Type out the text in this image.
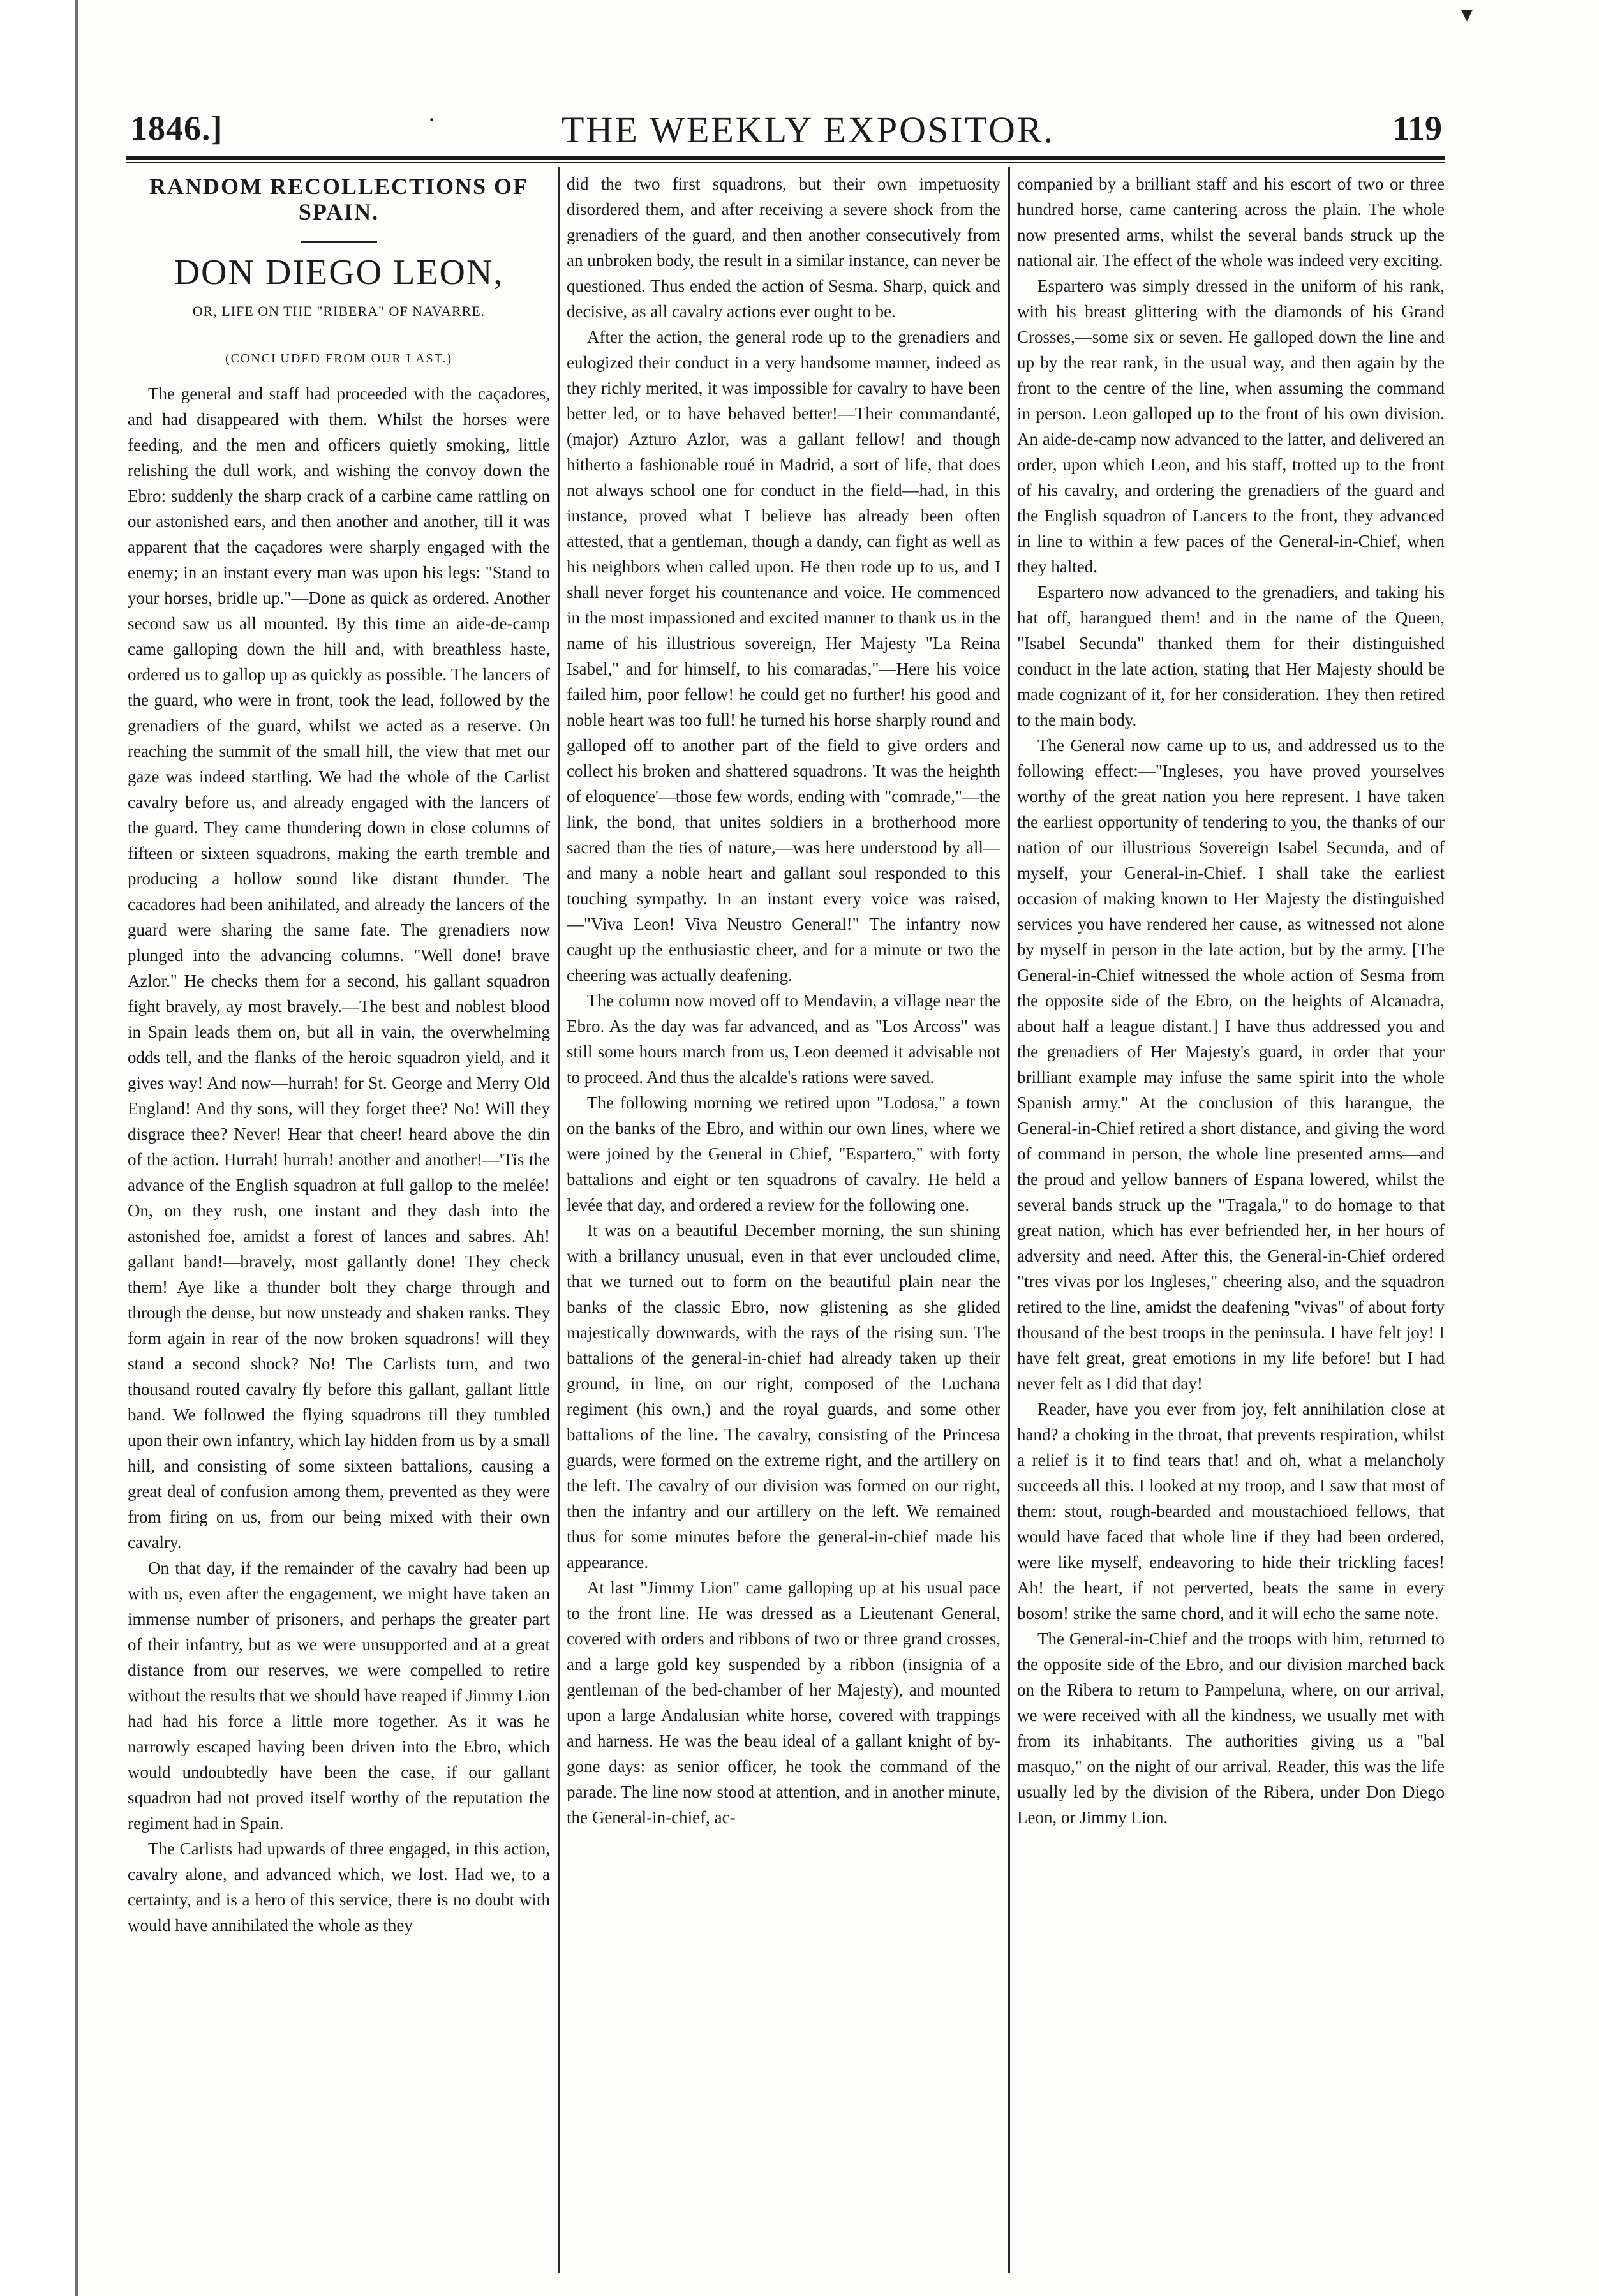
▾
1846.]	·	THE WEEKLY EXPOSITOR.	119
RANDOM RECOLLECTIONS OF SPAIN.
DON DIEGO LEON,
OR, LIFE ON THE "RIBERA" OF NAVARRE.
(CONCLUDED FROM OUR LAST.)

The general and staff had proceeded with the caçadores, and had disappeared with them. Whilst the horses were feeding, and the men and officers quietly smoking, little relishing the dull work, and wishing the convoy down the Ebro: suddenly the sharp crack of a carbine came rattling on our astonished ears, and then another and another, till it was apparent that the caçadores were sharply engaged with the enemy; in an instant every man was upon his legs: "Stand to your horses, bridle up."—Done as quick as ordered. Another second saw us all mounted. By this time an aide-de-camp came galloping down the hill and, with breathless haste, ordered us to gallop up as quickly as possible. The lancers of the guard, who were in front, took the lead, followed by the grenadiers of the guard, whilst we acted as a reserve. On reaching the summit of the small hill, the view that met our gaze was indeed startling. We had the whole of the Carlist cavalry before us, and already engaged with the lancers of the guard. They came thundering down in close columns of fifteen or sixteen squadrons, making the earth tremble and producing a hollow sound like distant thunder. The cacadores had been anihilated, and already the lancers of the guard were sharing the same fate. The grenadiers now plunged into the advancing columns. "Well done! brave Azlor." He checks them for a second, his gallant squadron fight bravely, ay most bravely.—The best and noblest blood in Spain leads them on, but all in vain, the overwhelming odds tell, and the flanks of the heroic squadron yield, and it gives way! And now—hurrah! for St. George and Merry Old England! And thy sons, will they forget thee? No! Will they disgrace thee? Never! Hear that cheer! heard above the din of the action. Hurrah! hurrah! another and another!—'Tis the advance of the English squadron at full gallop to the melée! On, on they rush, one instant and they dash into the astonished foe, amidst a forest of lances and sabres. Ah! gallant band!—bravely, most gallantly done! They check them! Aye like a thunder bolt they charge through and through the dense, but now unsteady and shaken ranks. They form again in rear of the now broken squadrons! will they stand a second shock? No! The Carlists turn, and two thousand routed cavalry fly before this gallant, gallant little band. We followed the flying squadrons till they tumbled upon their own infantry, which lay hidden from us by a small hill, and consisting of some sixteen battalions, causing a great deal of confusion among them, prevented as they were from firing on us, from our being mixed with their own cavalry.

On that day, if the remainder of the cavalry had been up with us, even after the engagement, we might have taken an immense number of prisoners, and perhaps the greater part of their infantry, but as we were unsupported and at a great distance from our reserves, we were compelled to retire without the results that we should have reaped if Jimmy Lion had had his force a little more together. As it was he narrowly escaped having been driven into the Ebro, which would undoubtedly have been the case, if our gallant squadron had not proved itself worthy of the reputation the regiment had in Spain.

The Carlists had upwards of three engaged, in this action, cavalry alone, and advanced which, we lost. Had we, to a certainty, and is a hero of this service, there is no doubt with would have annihilated the whole as they

did the two first squadrons, but their own impetuosity disordered them, and after receiving a severe shock from the grenadiers of the guard, and then another consecutively from an unbroken body, the result in a similar instance, can never be questioned. Thus ended the action of Sesma. Sharp, quick and decisive, as all cavalry actions ever ought to be.

After the action, the general rode up to the grenadiers and eulogized their conduct in a very handsome manner, indeed as they richly merited, it was impossible for cavalry to have been better led, or to have behaved better!—Their commandanté,(major) Azturo Azlor, was a gallant fellow! and though hitherto a fashionable roué in Madrid, a sort of life, that does not always school one for conduct in the field—had, in this instance, proved what I believe has already been often attested, that a gentleman, though a dandy, can fight as well as his neighbors when called upon. He then rode up to us, and I shall never forget his countenance and voice. He commenced in the most impassioned and excited manner to thank us in the name of his illustrious sovereign, Her Majesty "La Reina Isabel," and for himself, to his comaradas,"—Here his voice failed him, poor fellow! he could get no further! his good and noble heart was too full! he turned his horse sharply round and galloped off to another part of the field to give orders and collect his broken and shattered squadrons. 'It was the heighth of eloquence'—those few words, ending with "comrade,"—the link, the bond, that unites soldiers in a brotherhood more sacred than the ties of nature,—was here understood by all—and many a noble heart and gallant soul responded to this touching sympathy. In an instant every voice was raised,—"Viva Leon! Viva Neustro General!" The infantry now caught up the enthusiastic cheer, and for a minute or two the cheering was actually deafening.

The column now moved off to Mendavin, a village near the Ebro. As the day was far advanced, and as "Los Arcoss" was still some hours march from us, Leon deemed it advisable not to proceed. And thus the alcalde's rations were saved.

The following morning we retired upon "Lodosa," a town on the banks of the Ebro, and within our own lines, where we were joined by the General in Chief, "Espartero," with forty battalions and eight or ten squadrons of cavalry. He held a levée that day, and ordered a review for the following one.

It was on a beautiful December morning, the sun shining with a brillancy unusual, even in that ever unclouded clime, that we turned out to form on the beautiful plain near the banks of the classic Ebro, now glistening as she glided majestically downwards, with the rays of the rising sun. The battalions of the general-in-chief had already taken up their ground, in line, on our right, composed of the Luchana regiment (his own,) and the royal guards, and some other battalions of the line. The cavalry, consisting of the Princesa guards, were formed on the extreme right, and the artillery on the left. The cavalry of our division was formed on our right, then the infantry and our artillery on the left. We remained thus for some minutes before the general-in-chief made his appearance.

At last "Jimmy Lion" came galloping up at his usual pace to the front line. He was dressed as a Lieutenant General, covered with orders and ribbons of two or three grand crosses, and a large gold key suspended by a ribbon (insignia of a gentleman of the bed-chamber of her Majesty), and mounted upon a large Andalusian white horse, covered with trappings and harness. He was the beau ideal of a gallant knight of by-gone days: as senior officer, he took the command of the parade. The line now stood at attention, and in another minute, the General-in-chief, ac-

companied by a brilliant staff and his escort of two or three hundred horse, came cantering across the plain. The whole now presented arms, whilst the several bands struck up the national air. The effect of the whole was indeed very exciting.

Espartero was simply dressed in the uniform of his rank, with his breast glittering with the diamonds of his Grand Crosses,—some six or seven. He galloped down the line and up by the rear rank, in the usual way, and then again by the front to the centre of the line, when assuming the command in person. Leon galloped up to the front of his own division. An aide-de-camp now advanced to the latter, and delivered an order, upon which Leon, and his staff, trotted up to the front of his cavalry, and ordering the grenadiers of the guard and the English squadron of Lancers to the front, they advanced in line to within a few paces of the General-in-Chief, when they halted.

Espartero now advanced to the grenadiers, and taking his hat off, harangued them! and in the name of the Queen, "Isabel Secunda" thanked them for their distinguished conduct in the late action, stating that Her Majesty should be made cognizant of it, for her consideration. They then retired to the main body.

The General now came up to us, and addressed us to the following effect:—"Ingleses, you have proved yourselves worthy of the great nation you here represent. I have taken the earliest opportunity of tendering to you, the thanks of our nation of our illustrious Sovereign Isabel Secunda, and of myself, your General-in-Chief. I shall take the earliest occasion of making known to Her Majesty the distinguished services you have rendered her cause, as witnessed not alone by myself in person in the late action, but by the army. [The General-in-Chief witnessed the whole action of Sesma from the opposite side of the Ebro, on the heights of Alcanadra, about half a league distant.] I have thus addressed you and the grenadiers of Her Majesty's guard, in order that your brilliant example may infuse the same spirit into the whole Spanish army." At the conclusion of this harangue, the General-in-Chief retired a short distance, and giving the word of command in person, the whole line presented arms—and the proud and yellow banners of Espana lowered, whilst the several bands struck up the "Tragala," to do homage to that great nation, which has ever befriended her, in her hours of adversity and need. After this, the General-in-Chief ordered "tres vivas por los Ingleses," cheering also, and the squadron retired to the line, amidst the deafening "vivas" of about forty thousand of the best troops in the peninsula. I have felt joy! I have felt great, great emotions in my life before! but I had never felt as I did that day!

Reader, have you ever from joy, felt annihilation close at hand? a choking in the throat, that prevents respiration, whilst a relief is it to find tears that! and oh, what a melancholy succeeds all this. I looked at my troop, and I saw that most of them: stout, rough-bearded and moustachioed fellows, that would have faced that whole line if they had been ordered, were like myself, endeavoring to hide their trickling faces! Ah! the heart, if not perverted, beats the same in every bosom! strike the same chord, and it will echo the same note.

The General-in-Chief and the troops with him, returned to the opposite side of the Ebro, and our division marched back on the Ribera to return to Pampeluna, where, on our arrival, we were received with all the kindness, we usually met with from its inhabitants. The authorities giving us a "bal masquo," on the night of our arrival. Reader, this was the life usually led by the division of the Ribera, under Don Diego Leon, or Jimmy Lion.
